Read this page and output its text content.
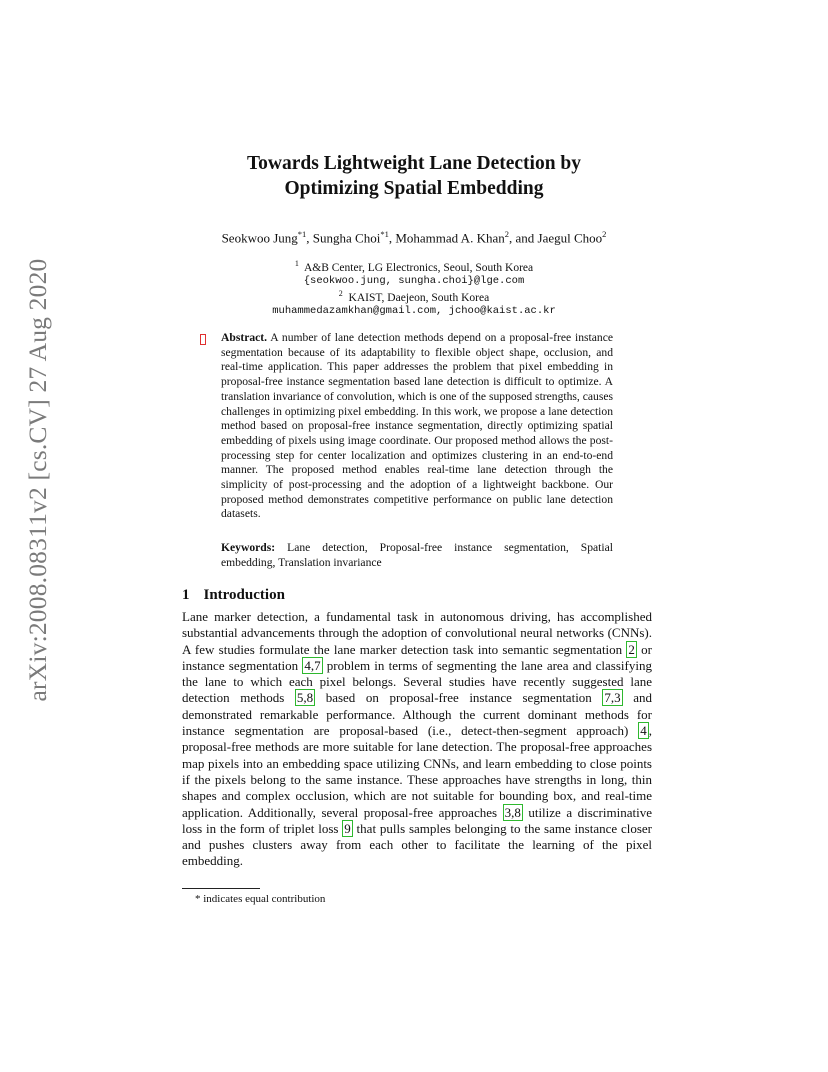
arXiv:2008.08311v2 [cs.CV] 27 Aug 2020
Towards Lightweight Lane Detection by
Optimizing Spatial Embedding
Seokwoo Jung$^{*1}$, Sungha Choi$^{*1}$, Mohammad A. Khan$^2$, and Jaegul Choo$^2$
$^1$ A&B Center, LG Electronics, Seoul, South Korea
{seokwoo.jung, sungha.choi}@lge.com
$^2$ KAIST, Daejeon, South Korea
muhammedazamkhan@gmail.com, jchoo@kaist.ac.kr
Abstract. A number of lane detection methods depend on a proposal-free instance segmentation because of its adaptability to flexible object shape, occlusion, and real-time application. This paper addresses the problem that pixel embedding in proposal-free instance segmentation based lane detection is difficult to optimize. A translation invariance of convolution, which is one of the supposed strengths, causes challenges in optimizing pixel embedding. In this work, we propose a lane detection method based on proposal-free instance segmentation, directly optimizing spatial embedding of pixels using image coordinate. Our proposed method allows the post-processing step for center localization and optimizes clustering in an end-to-end manner. The proposed method enables real-time lane detection through the simplicity of post-processing and the adoption of a lightweight backbone. Our proposed method demonstrates competitive performance on public lane detection datasets.
Keywords: Lane detection, Proposal-free instance segmentation, Spatial embedding, Translation invariance
1 Introduction
Lane marker detection, a fundamental task in autonomous driving, has accomplished substantial advancements through the adoption of convolutional neural networks (CNNs). A few studies formulate the lane marker detection task into semantic segmentation 2 or instance segmentation 4,7 problem in terms of segmenting the lane area and classifying the lane to which each pixel belongs. Several studies have recently suggested lane detection methods 5,8 based on proposal-free instance segmentation 7,3 and demonstrated remarkable performance. Although the current dominant methods for instance segmentation are proposal-based (i.e., detect-then-segment approach) 4 , proposal-free methods are more suitable for lane detection. The proposal-free approaches map pixels into an embedding space utilizing CNNs, and learn embedding to close points if the pixels belong to the same instance. These approaches have strengths in long, thin shapes and complex occlusion, which are not suitable for bounding box, and real-time application. Additionally, several proposal-free approaches 3,8 utilize a discriminative loss in the form of triplet loss 9 that pulls samples belonging to the same instance closer and pushes clusters away from each other to facilitate the learning of the pixel embedding.
* indicates equal contribution
